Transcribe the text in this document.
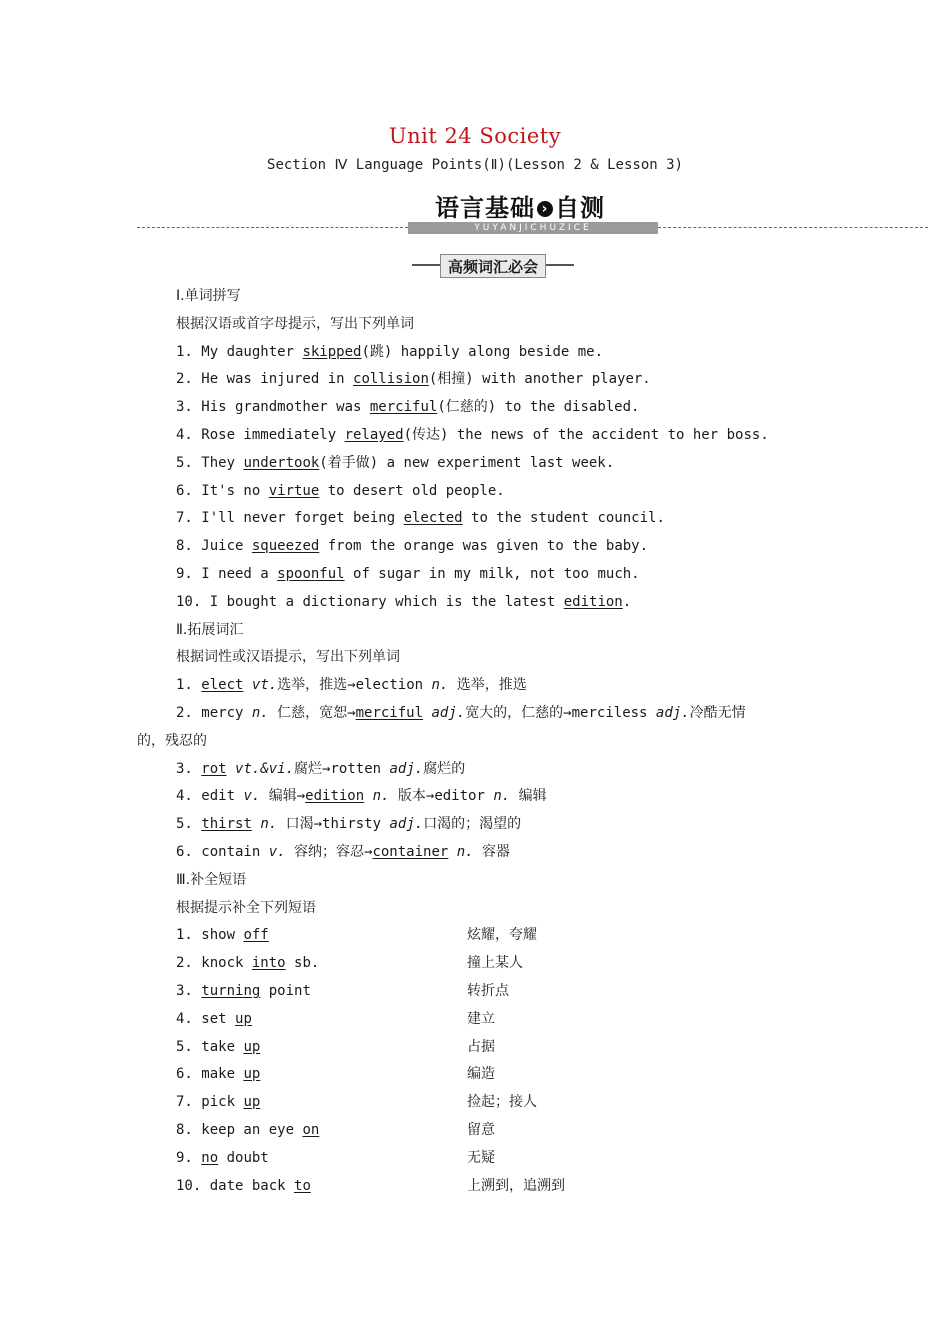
Unit 24 Society
Section Ⅳ Language Points(Ⅱ)(Lesson 2 & Lesson 3)
语言基础 › 自测
YUYANJICHUZICE
高频词汇必会
Ⅰ.单词拼写
根据汉语或首字母提示，写出下列单词
1. My daughter skipped(跳) happily along beside me.
2. He was injured in collision(相撞) with another player.
3. His grandmother was merciful(仁慈的) to the disabled.
4. Rose immediately relayed(传达) the news of the accident to her boss.
5. They undertook(着手做) a new experiment last week.
6. It's no virtue to desert old people.
7. I'll never forget being elected to the student council.
8. Juice squeezed from the orange was given to the baby.
9. I need a spoonful of sugar in my milk, not too much.
10. I bought a dictionary which is the latest edition.
Ⅱ.拓展词汇
根据词性或汉语提示，写出下列单词
1. elect vt.选举，推选→election n. 选举，推选
2. mercy n. 仁慈，宽恕→merciful adj.宽大的，仁慈的→merciless adj.冷酷无情
的，残忍的
3. rot vt.&vi.腐烂→rotten adj.腐烂的
4. edit v. 编辑→edition n. 版本→editor n. 编辑
5. thirst n. 口渴→thirsty adj.口渴的；渴望的
6. contain v. 容纳；容忍→container n. 容器
Ⅲ.补全短语
根据提示补全下列短语
1. show off	炫耀，夸耀
2. knock into sb.	撞上某人
3. turning point	转折点
4. set up	建立
5. take up	占据
6. make up	编造
7. pick up	捡起；接人
8. keep an eye on	留意
9. no doubt	无疑
10. date back to	上溯到，追溯到
